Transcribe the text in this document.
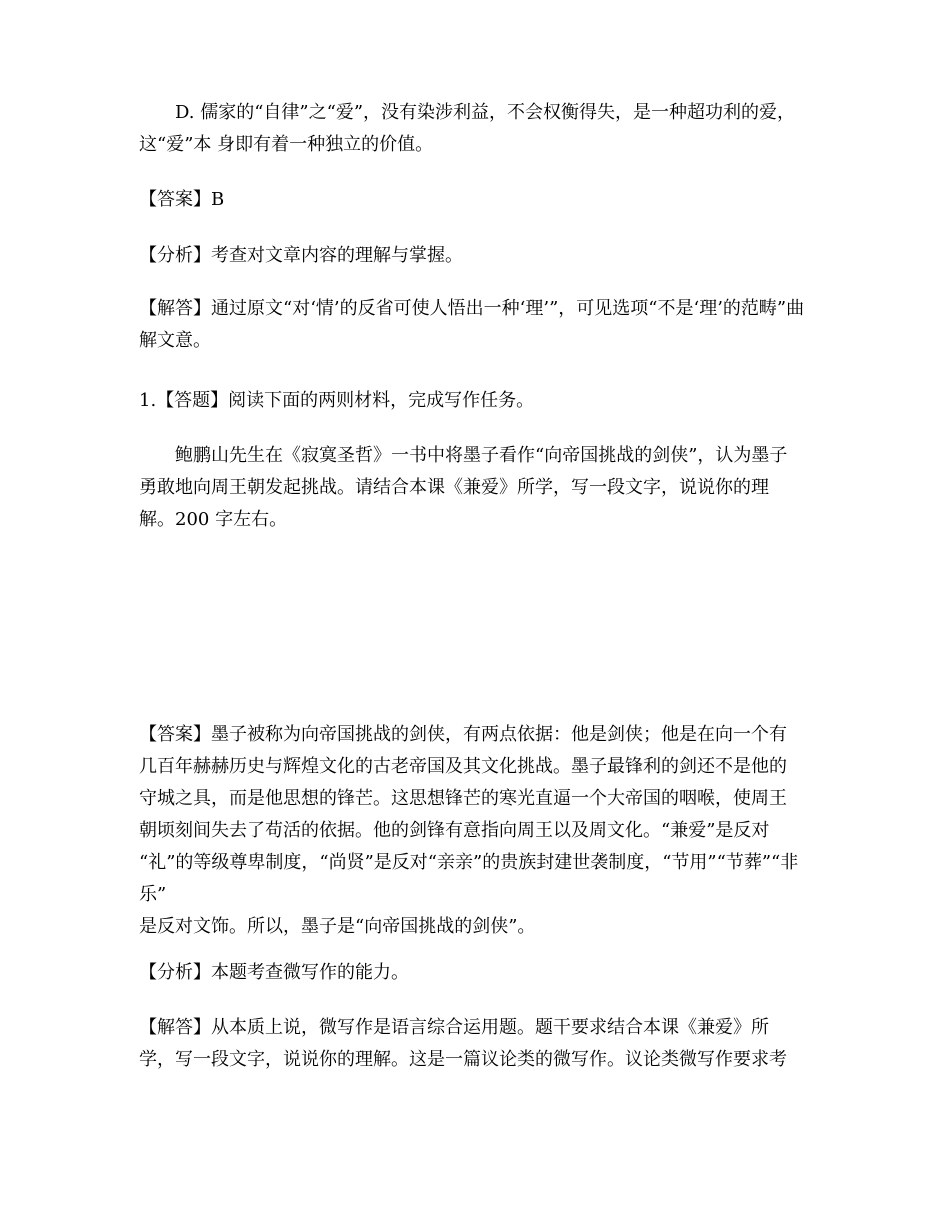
D. 儒家的“自律”之“爱”，没有染涉利益，不会权衡得失，是一种超功利的爱，
这“爱”本 身即有着一种独立的价值。
【答案】B
【分析】考查对文章内容的理解与掌握。
【解答】通过原文“对‘情’的反省可使人悟出一种‘理’”，可见选项“不是‘理’的范畴”曲
解文意。
1.【答题】阅读下面的两则材料，完成写作任务。
鲍鹏山先生在《寂寞圣哲》一书中将墨子看作“向帝国挑战的剑侠”，认为墨子
勇敢地向周王朝发起挑战。请结合本课《兼爱》所学，写一段文字，说说你的理
解。200 字左右。
【答案】墨子被称为向帝国挑战的剑侠，有两点依据：他是剑侠；他是在向一个有
几百年赫赫历史与辉煌文化的古老帝国及其文化挑战。墨子最锋利的剑还不是他的
守城之具，而是他思想的锋芒。这思想锋芒的寒光直逼一个大帝国的咽喉，使周王
朝顷刻间失去了苟活的依据。他的剑锋有意指向周王以及周文化。“兼爱”是反对
“礼”的等级尊卑制度，“尚贤”是反对“亲亲”的贵族封建世袭制度，“节用”“节葬”“非乐”
是反对文饰。所以，墨子是“向帝国挑战的剑侠”。
【分析】本题考查微写作的能力。
【解答】从本质上说，微写作是语言综合运用题。题干要求结合本课《兼爱》所
学，写一段文字，说说你的理解。这是一篇议论类的微写作。议论类微写作要求考
